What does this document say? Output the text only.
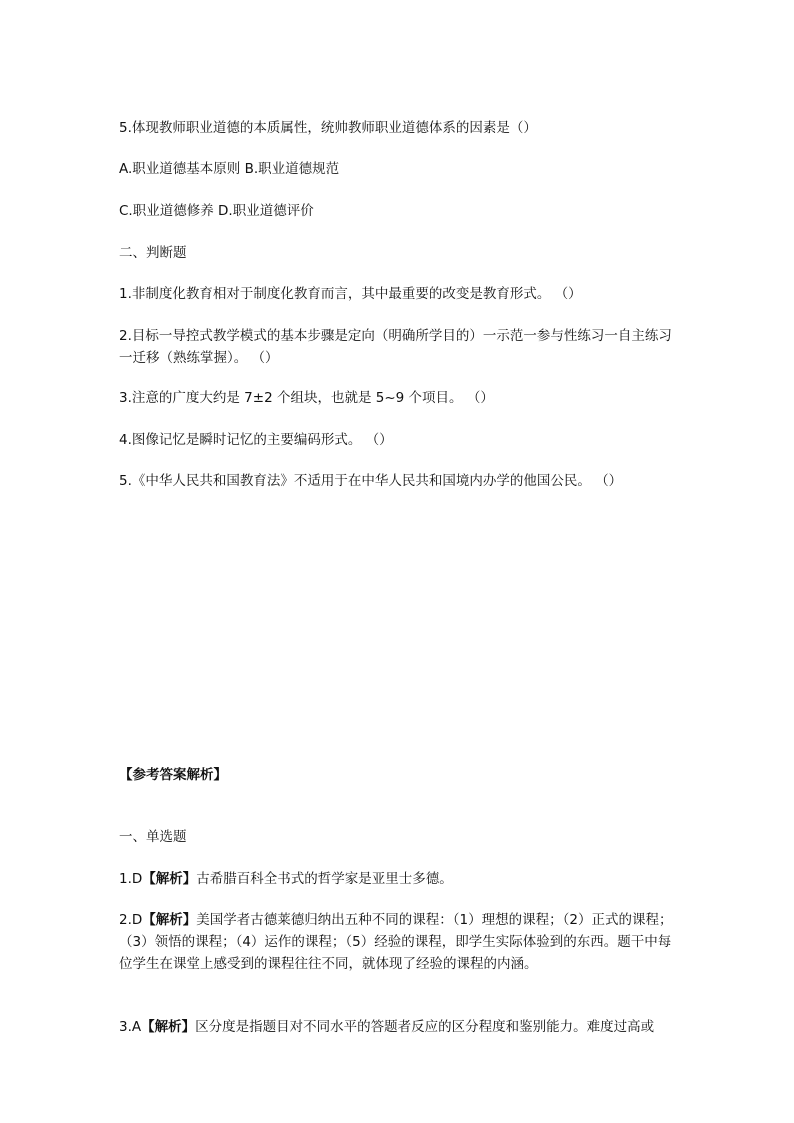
5.体现教师职业道德的本质属性，统帅教师职业道德体系的因素是（）
A.职业道德基本原则 B.职业道德规范
C.职业道德修养 D.职业道德评价
二、判断题
1.非制度化教育相对于制度化教育而言，其中最重要的改变是教育形式。 （）
2.目标一导控式教学模式的基本步骤是定向（明确所学目的）一示范一参与性练习一自主练习一迁移（熟练掌握）。 （）
3.注意的广度大约是 7±2 个组块，也就是 5~9 个项目。 （）
4.图像记忆是瞬时记忆的主要编码形式。 （）
5.《中华人民共和国教育法》不适用于在中华人民共和国境内办学的他国公民。 （）
【参考答案解析】
一、单选题
1.D【解析】古希腊百科全书式的哲学家是亚里士多德。
2.D【解析】美国学者古德莱德归纳出五种不同的课程：（1）理想的课程；（2）正式的课程；（3）领悟的课程；（4）运作的课程；（5）经验的课程，即学生实际体验到的东西。题干中每位学生在课堂上感受到的课程往往不同，就体现了经验的课程的内涵。
3.A【解析】区分度是指题目对不同水平的答题者反应的区分程度和鉴别能力。难度过高或
